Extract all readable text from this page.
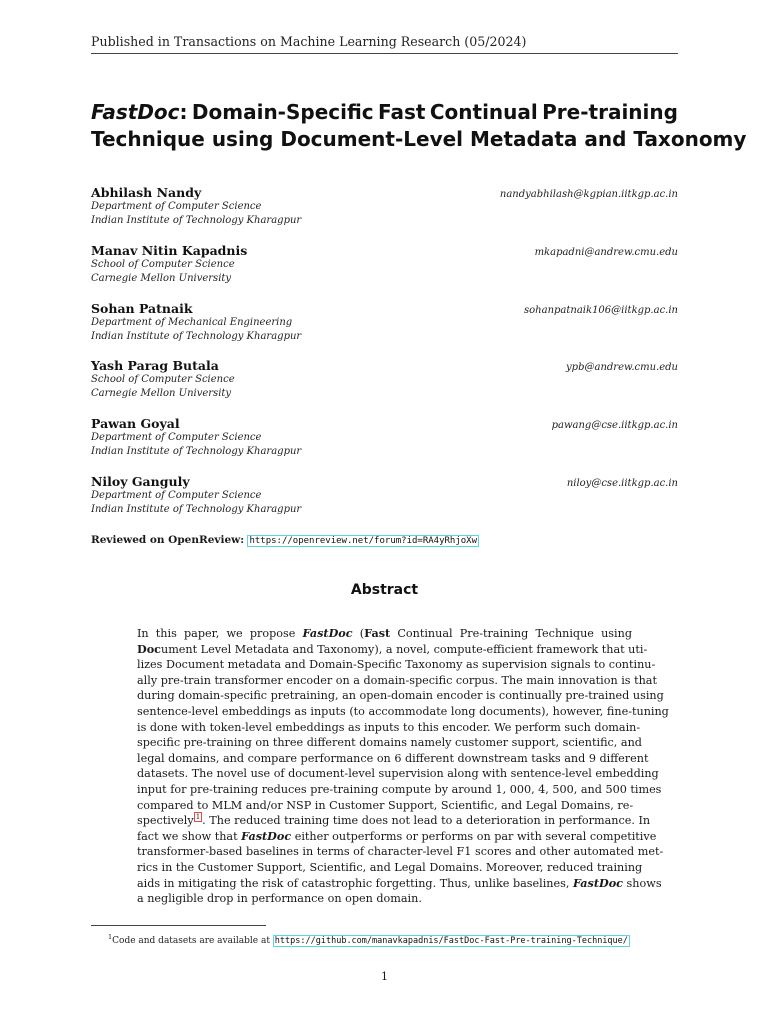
Published in Transactions on Machine Learning Research (05/2024)
FastDoc: Domain-Specific Fast Continual Pre-training
Technique using Document-Level Metadata and Taxonomy
Abhilash Nandy	nandyabhilash@kgpian.iitkgp.ac.in
Department of Computer Science
Indian Institute of Technology Kharagpur
Manav Nitin Kapadnis	mkapadni@andrew.cmu.edu
School of Computer Science
Carnegie Mellon University
Sohan Patnaik	sohanpatnaik106@iitkgp.ac.in
Department of Mechanical Engineering
Indian Institute of Technology Kharagpur
Yash Parag Butala	ypb@andrew.cmu.edu
School of Computer Science
Carnegie Mellon University
Pawan Goyal	pawang@cse.iitkgp.ac.in
Department of Computer Science
Indian Institute of Technology Kharagpur
Niloy Ganguly	niloy@cse.iitkgp.ac.in
Department of Computer Science
Indian Institute of Technology Kharagpur
Reviewed on OpenReview: https://openreview.net/forum?id=RA4yRhjoXw
Abstract
In this paper, we propose FastDoc (Fast Continual Pre-training Technique using
Document Level Metadata and Taxonomy), a novel, compute-efficient framework that uti-
lizes Document metadata and Domain-Specific Taxonomy as supervision signals to continu-
ally pre-train transformer encoder on a domain-specific corpus. The main innovation is that
during domain-specific pretraining, an open-domain encoder is continually pre-trained using
sentence-level embeddings as inputs (to accommodate long documents), however, fine-tuning
is done with token-level embeddings as inputs to this encoder. We perform such domain-
specific pre-training on three different domains namely customer support, scientific, and
legal domains, and compare performance on 6 different downstream tasks and 9 different
datasets. The novel use of document-level supervision along with sentence-level embedding
input for pre-training reduces pre-training compute by around 1, 000, 4, 500, and 500 times
compared to MLM and/or NSP in Customer Support, Scientific, and Legal Domains, re-
spectively $^1$ . The reduced training time does not lead to a deterioration in performance. In
fact we show that FastDoc either outperforms or performs on par with several competitive
transformer-based baselines in terms of character-level F1 scores and other automated met-
rics in the Customer Support, Scientific, and Legal Domains. Moreover, reduced training
aids in mitigating the risk of catastrophic forgetting. Thus, unlike baselines, FastDoc shows
a negligible drop in performance on open domain.
$^1$Code and datasets are available at https://github.com/manavkapadnis/FastDoc-Fast-Pre-training-Technique/
1
